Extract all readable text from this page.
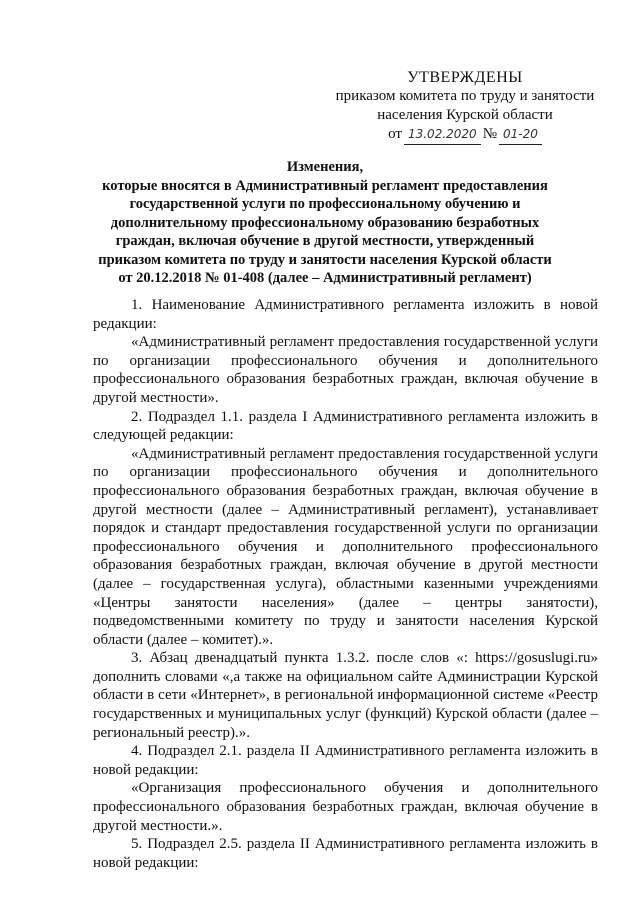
УТВЕРЖДЕНЫ
приказом комитета по труду и занятости
населения Курской области
от 13.02.2020 № 01-20
Изменения,
которые вносятся в Административный регламент предоставления государственной услуги по профессиональному обучению и дополнительному профессиональному образованию безработных граждан, включая обучение в другой местности, утвержденный приказом комитета по труду и занятости населения Курской области от 20.12.2018 № 01-408 (далее – Административный регламент)

1. Наименование Административного регламента изложить в новой редакции:

«Административный регламент предоставления государственной услуги по организации профессионального обучения и дополнительного профессионального образования безработных граждан, включая обучение в другой местности».

2. Подраздел 1.1. раздела I Административного регламента изложить в следующей редакции:

«Административный регламент предоставления государственной услуги по организации профессионального обучения и дополнительного профессионального образования безработных граждан, включая обучение в другой местности (далее – Административный регламент), устанавливает порядок и стандарт предоставления государственной услуги по организации профессионального обучения и дополнительного профессионального образования безработных граждан, включая обучение в другой местности (далее – государственная услуга), областными казенными учреждениями «Центры занятости населения» (далее – центры занятости), подведомственными комитету по труду и занятости населения Курской области (далее – комитет).».

3. Абзац двенадцатый пункта 1.3.2. после слов «: https://gosuslugi.ru» дополнить словами «,а также на официальном сайте Администрации Курской области в сети «Интернет», в региональной информационной системе «Реестр государственных и муниципальных услуг (функций) Курской области (далее – региональный реестр).».

4. Подраздел 2.1. раздела II Административного регламента изложить в новой редакции:

«Организация профессионального обучения и дополнительного профессионального образования безработных граждан, включая обучение в другой местности.».

5. Подраздел 2.5. раздела II Административного регламента изложить в новой редакции:
